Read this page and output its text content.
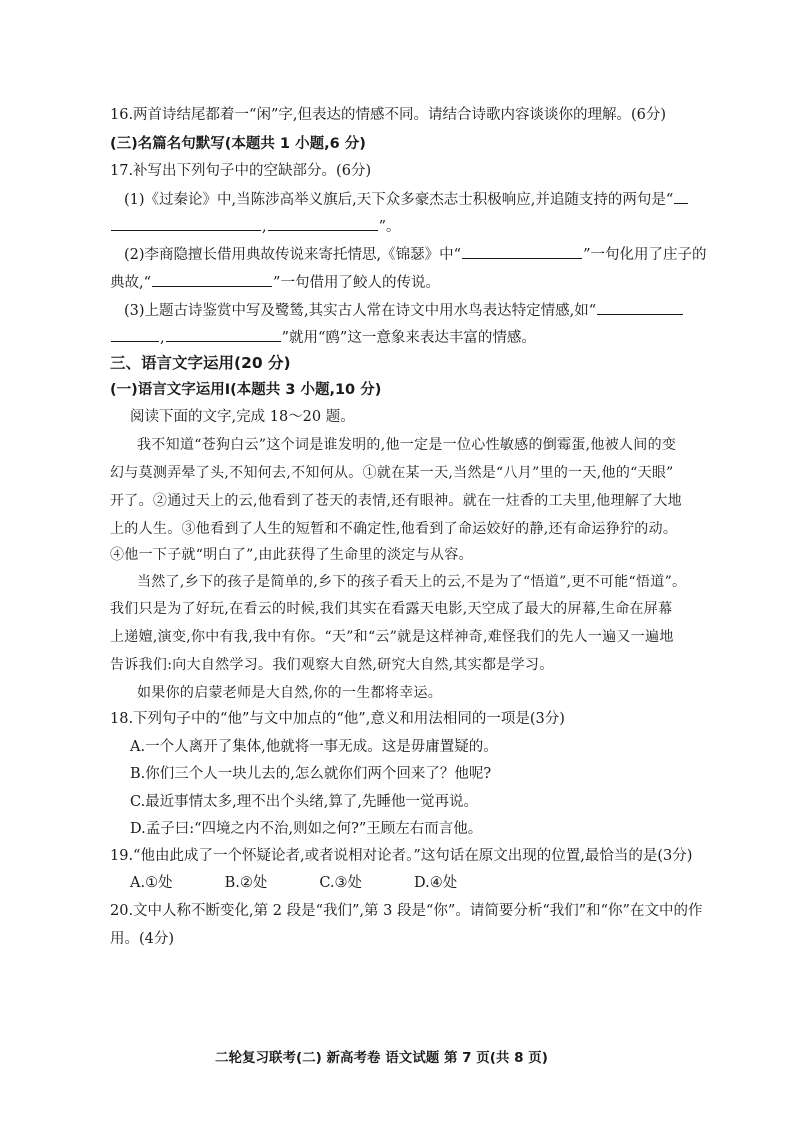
16.两首诗结尾都着一“闲”字,但表达的情感不同。请结合诗歌内容谈谈你的理解。(6分)
(三)名篇名句默写(本题共 1 小题,6 分)
17.补写出下列句子中的空缺部分。(6分)
(1)《过秦论》中,当陈涉高举义旗后,天下众多豪杰志士积极响应,并追随支持的两句是“
,	”。
(2)李商隐擅长借用典故传说来寄托情思,《锦瑟》中“	”一句化用了庄子的
典故,“	”一句借用了鲛人的传说。
(3)上题古诗鉴赏中写及鹭鸶,其实古人常在诗文中用水鸟表达特定情感,如“
,	”就用“鸥”这一意象来表达丰富的情感。
三、语言文字运用(20 分)
(一)语言文字运用Ⅰ(本题共 3 小题,10 分)
阅读下面的文字,完成 18～20 题。
我不知道“苍狗白云”这个词是谁发明的,他一定是一位心性敏感的倒霉蛋,他被人间的变
幻与莫测弄晕了头,不知何去,不知何从。①就在某一天,当然是“八月”里的一天,他的“天眼”
开了。②通过天上的云,他看到了苍天的表情,还有眼神。就在一炷香的工夫里,他理解了大地
上的人生。③他看到了人生的短暂和不确定性,他看到了命运姣好的静,还有命运狰狞的动。
④他一下子就“明白了”,由此获得了生命里的淡定与从容。
当然了,乡下的孩子是简单的,乡下的孩子看天上的云,不是为了“悟道”,更不可能“悟道”。
我们只是为了好玩,在看云的时候,我们其实在看露天电影,天空成了最大的屏幕,生命在屏幕
上递嬗,演变,你中有我,我中有你。“天”和“云”就是这样神奇,难怪我们的先人一遍又一遍地
告诉我们:向大自然学习。我们观察大自然,研究大自然,其实都是学习。
如果你的启蒙老师是大自然,你的一生都将幸运。
18.下列句子中的“他”与文中加点的“他”,意义和用法相同的一项是(3分)
A.一个人离开了集体,他就将一事无成。这是毋庸置疑的。
B.你们三个人一块儿去的,怎么就你们两个回来了？他呢?
C.最近事情太多,理不出个头绪,算了,先睡他一觉再说。
D.孟子曰:“四境之内不治,则如之何?”王顾左右而言他。
19.“他由此成了一个怀疑论者,或者说相对论者。”这句话在原文出现的位置,最恰当的是(3分)
A.①处	B.②处	C.③处	D.④处
20.文中人称不断变化,第 2 段是“我们”,第 3 段是“你”。请简要分析“我们”和“你”在文中的作
用。(4分)
二轮复习联考(二) 新高考卷 语文试题 第 7 页(共 8 页)
